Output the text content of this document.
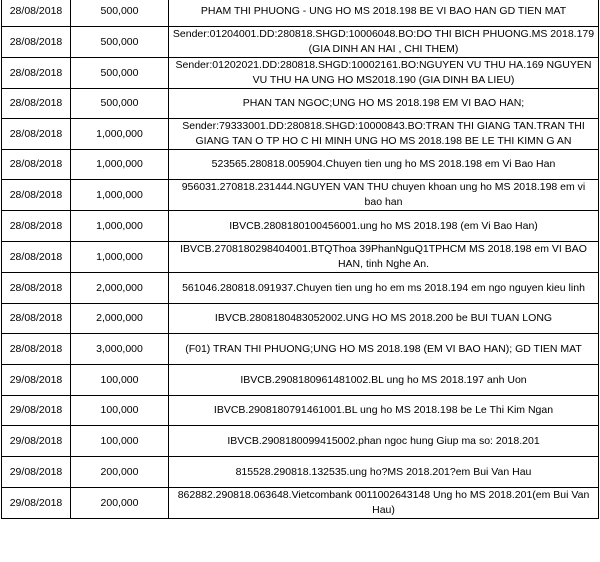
28/08/2018	500,000	PHAM THI PHUONG - UNG HO MS 2018.198 BE VI BAO HAN GD TIEN MAT
28/08/2018	500,000	Sender:01204001.DD:280818.SHGD:10006048.BO:DO THI BICH PHUONG.MS 2018.179 (GIA DINH AN HAI , CHI THEM)
28/08/2018	500,000	Sender:01202021.DD:280818.SHGD:10002161.BO:NGUYEN VU THU HA.169 NGUYEN VU THU HA UNG HO MS2018.190 (GIA DINH BA LIEU)
28/08/2018	500,000	PHAN TAN NGOC;UNG HO MS 2018.198 EM VI BAO HAN;
28/08/2018	1,000,000	Sender:79333001.DD:280818.SHGD:10000843.BO:TRAN THI GIANG TAN.TRAN THI GIANG TAN O TP HO C HI MINH UNG HO MS 2018.198 BE LE THI KIMN G AN
28/08/2018	1,000,000	523565.280818.005904.Chuyen tien ung ho MS 2018.198 em Vi Bao Han
28/08/2018	1,000,000	956031.270818.231444.NGUYEN VAN THU chuyen khoan ung ho MS 2018.198 em vi bao han
28/08/2018	1,000,000	IBVCB.2808180100456001.ung ho MS 2018.198 (em Vi Bao Han)
28/08/2018	1,000,000	IBVCB.2708180298404001.BTQThoa 39PhanNguQ1TPHCM MS 2018.198 em VI BAO HAN, tinh Nghe An.
28/08/2018	2,000,000	561046.280818.091937.Chuyen tien ung ho em ms 2018.194 em ngo nguyen kieu linh
28/08/2018	2,000,000	IBVCB.2808180483052002.UNG HO MS 2018.200 be BUI TUAN LONG
28/08/2018	3,000,000	(F01) TRAN THI PHUONG;UNG HO MS 2018.198 (EM VI BAO HAN); GD TIEN MAT
29/08/2018	100,000	IBVCB.2908180961481002.BL ung ho MS 2018.197 anh Uon
29/08/2018	100,000	IBVCB.2908180791461001.BL ung ho MS 2018.198 be Le Thi Kim Ngan
29/08/2018	100,000	IBVCB.2908180099415002.phan ngoc hung Giup ma so: 2018.201
29/08/2018	200,000	815528.290818.132535.ung ho?MS 2018.201?em Bui Van Hau
29/08/2018	200,000	862882.290818.063648.Vietcombank 0011002643148 Ung ho MS 2018.201(em Bui Van Hau)
